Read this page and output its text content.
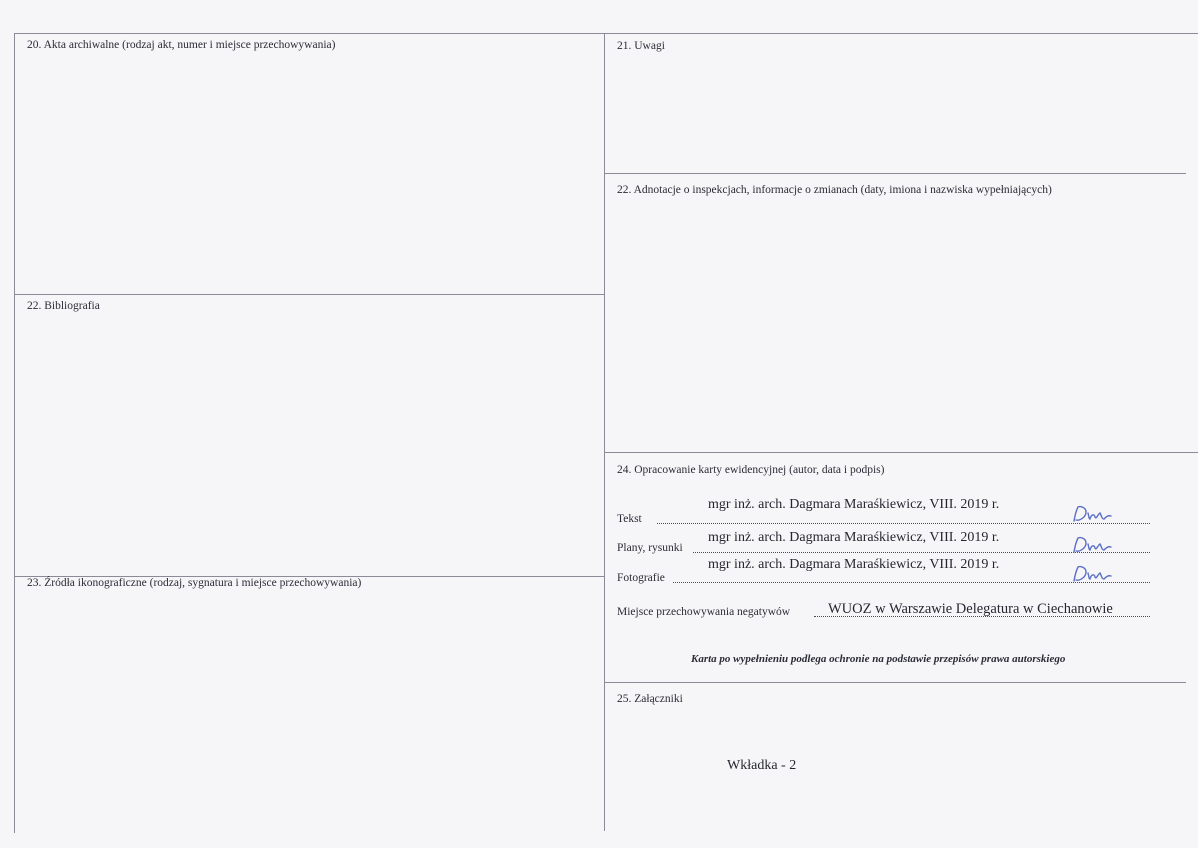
20. Akta archiwalne (rodzaj akt, numer i miejsce przechowywania)	21. Uwagi
22. Adnotacje o inspekcjach, informacje o zmianach (daty, imiona i nazwiska wypełniających)
22. Bibliografia
23. Źródła ikonograficzne (rodzaj, sygnatura i miejsce przechowywania)
24. Opracowanie karty ewidencyjnej (autor, data i podpis)
25. Załączniki
Tekst
mgr inż. arch. Dagmara Maraśkiewicz, VIII. 2019 r.
Plany, rysunki
mgr inż. arch. Dagmara Maraśkiewicz, VIII. 2019 r.
Fotografie
mgr inż. arch. Dagmara Maraśkiewicz, VIII. 2019 r.
Miejsce przechowywania negatywów	WUOZ w Warszawie Delegatura w Ciechanowie
Karta po wypełnieniu podlega ochronie na podstawie przepisów prawa autorskiego
Wkładka - 2
